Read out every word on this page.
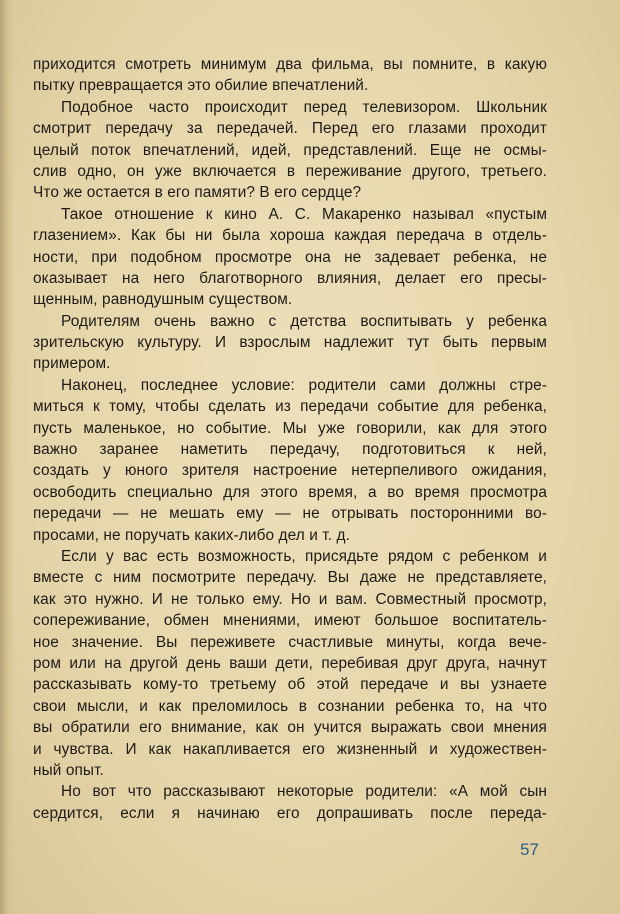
приходится смотреть минимум два фильма, вы помните, в какую
пытку превращается это обилие впечатлений.
Подобное часто происходит перед телевизором. Школьник
смотрит передачу за передачей. Перед его глазами проходит
целый поток впечатлений, идей, представлений. Еще не осмы-
слив одно, он уже включается в переживание другого, третьего.
Что же остается в его памяти? В его сердце?
Такое отношение к кино А. С. Макаренко называл «пустым
глазением». Как бы ни была хороша каждая передача в отдель-
ности, при подобном просмотре она не задевает ребенка, не
оказывает на него благотворного влияния, делает его пресы-
щенным, равнодушным существом.
Родителям очень важно с детства воспитывать у ребенка
зрительскую культуру. И взрослым надлежит тут быть первым
примером.
Наконец, последнее условие: родители сами должны стре-
миться к тому, чтобы сделать из передачи событие для ребенка,
пусть маленькое, но событие. Мы уже говорили, как для этого
важно заранее наметить передачу, подготовиться к ней,
создать у юного зрителя настроение нетерпеливого ожидания,
освободить специально для этого время, а во время просмотра
передачи — не мешать ему — не отрывать посторонними во-
просами, не поручать каких-либо дел и т. д.
Если у вас есть возможность, присядьте рядом с ребенком и
вместе с ним посмотрите передачу. Вы даже не представляете,
как это нужно. И не только ему. Но и вам. Совместный просмотр,
сопереживание, обмен мнениями, имеют большое воспитатель-
ное значение. Вы переживете счастливые минуты, когда вече-
ром или на другой день ваши дети, перебивая друг друга, начнут
рассказывать кому-то третьему об этой передаче и вы узнаете
свои мысли, и как преломилось в сознании ребенка то, на что
вы обратили его внимание, как он учится выражать свои мнения
и чувства. И как накапливается его жизненный и художествен-
ный опыт.
Но вот что рассказывают некоторые родители: «А мой сын
сердится, если я начинаю его допрашивать после переда-
57
